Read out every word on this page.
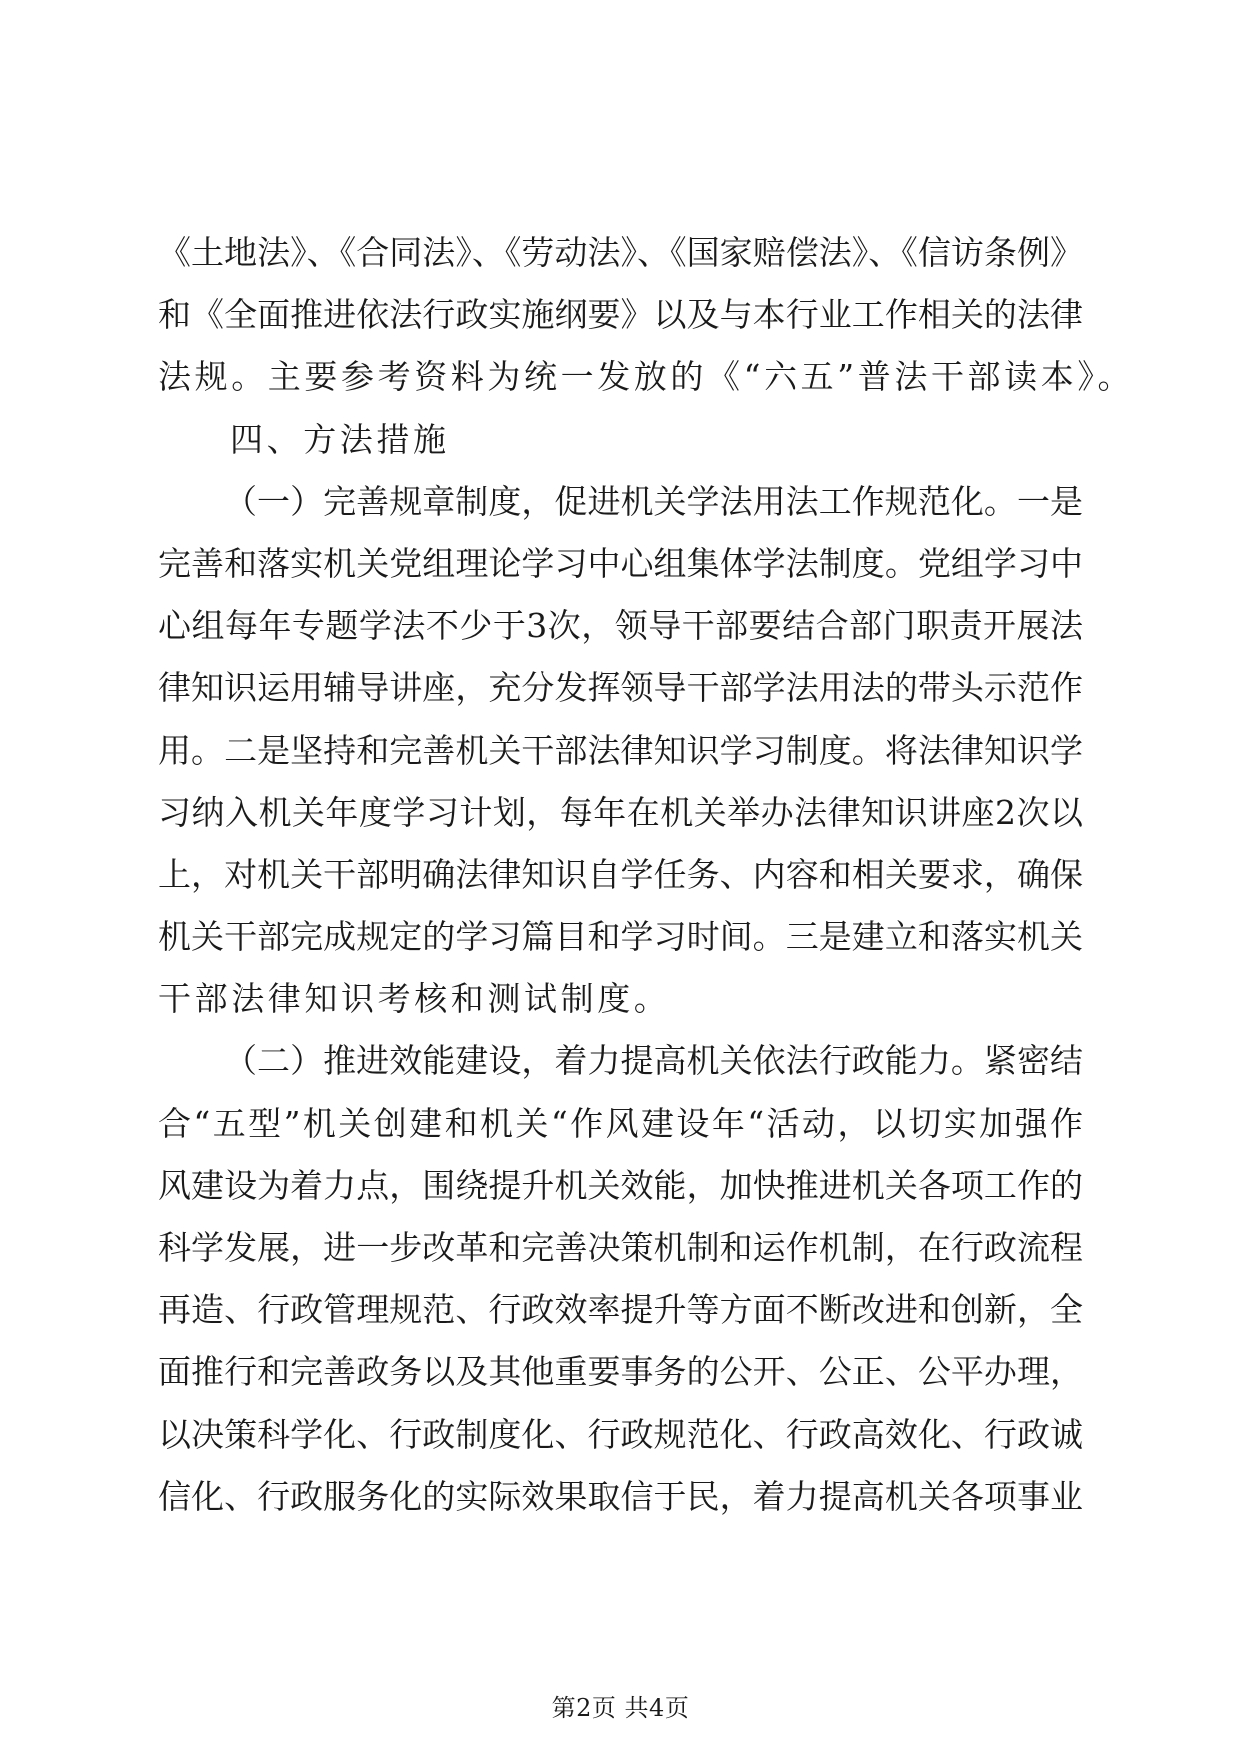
《土地法》、《合同法》、《劳动法》、《国家赔偿法》、《信访条例》
和《全面推进依法行政实施纲要》以及与本行业工作相关的法律
法规。主要参考资料为统一发放的《“六五”普法干部读本》。
四、方法措施
（一）完善规章制度，促进机关学法用法工作规范化。一是
完善和落实机关党组理论学习中心组集体学法制度。党组学习中
心组每年专题学法不少于3次，领导干部要结合部门职责开展法
律知识运用辅导讲座，充分发挥领导干部学法用法的带头示范作
用。二是坚持和完善机关干部法律知识学习制度。将法律知识学
习纳入机关年度学习计划，每年在机关举办法律知识讲座2次以
上，对机关干部明确法律知识自学任务、内容和相关要求，确保
机关干部完成规定的学习篇目和学习时间。三是建立和落实机关
干部法律知识考核和测试制度。
（二）推进效能建设，着力提高机关依法行政能力。紧密结
合“五型”机关创建和机关“作风建设年“活动，以切实加强作
风建设为着力点，围绕提升机关效能，加快推进机关各项工作的
科学发展，进一步改革和完善决策机制和运作机制，在行政流程
再造、行政管理规范、行政效率提升等方面不断改进和创新，全
面推行和完善政务以及其他重要事务的公开、公正、公平办理，
以决策科学化、行政制度化、行政规范化、行政高效化、行政诚
信化、行政服务化的实际效果取信于民，着力提高机关各项事业
第2页 共4页
